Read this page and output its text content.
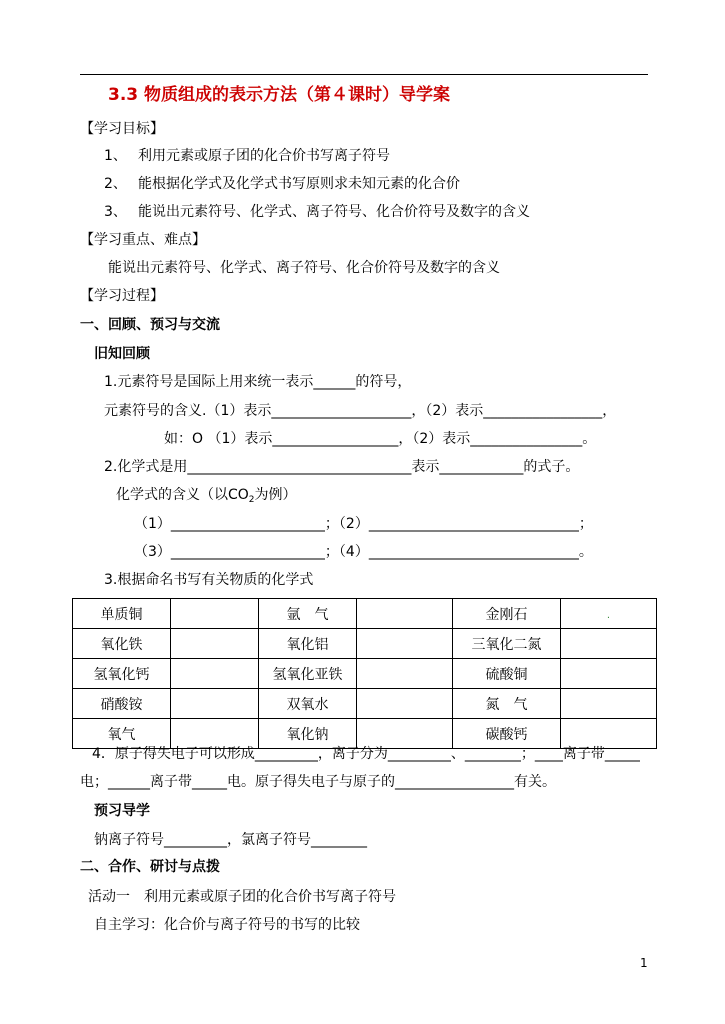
3.3 物质组成的表示方法（第４课时）导学案
【学习目标】
1、 利用元素或原子团的化合价书写离子符号
2、 能根据化学式及化学式书写原则求未知元素的化合价
3、 能说出元素符号、化学式、离子符号、化合价符号及数字的含义
【学习重点、难点】
能说出元素符号、化学式、离子符号、化合价符号及数字的含义
【学习过程】
一、回顾、预习与交流
旧知回顾
1.元素符号是国际上用来统一表示______的符号，
元素符号的含义.（1）表示____________________，（2）表示_________________，
如：O （1）表示__________________，（2）表示________________。
2.化学式是用________________________________表示____________的式子。
化学式的含义（以$CO_2$为例）
（1）______________________；（2）______________________________；
（3）______________________；（4）______________________________。
3.根据命名书写有关物质的化学式
单质铜		氩　气		金刚石	.
氧化铁		氧化铝		三氧化二氮	
氢氧化钙		氢氧化亚铁		硫酸铜	
硝酸铵		双氧水		氮　气	
氧气		氧化钠		碳酸钙	
4．原子得失电子可以形成_________，离子分为_________、________；____离子带_____
电；______离子带_____电。原子得失电子与原子的_________________有关。
预习导学
钠离子符号_________，氯离子符号________
二、合作、研讨与点拨
活动一　利用元素或原子团的化合价书写离子符号
自主学习：化合价与离子符号的书写的比较
1
